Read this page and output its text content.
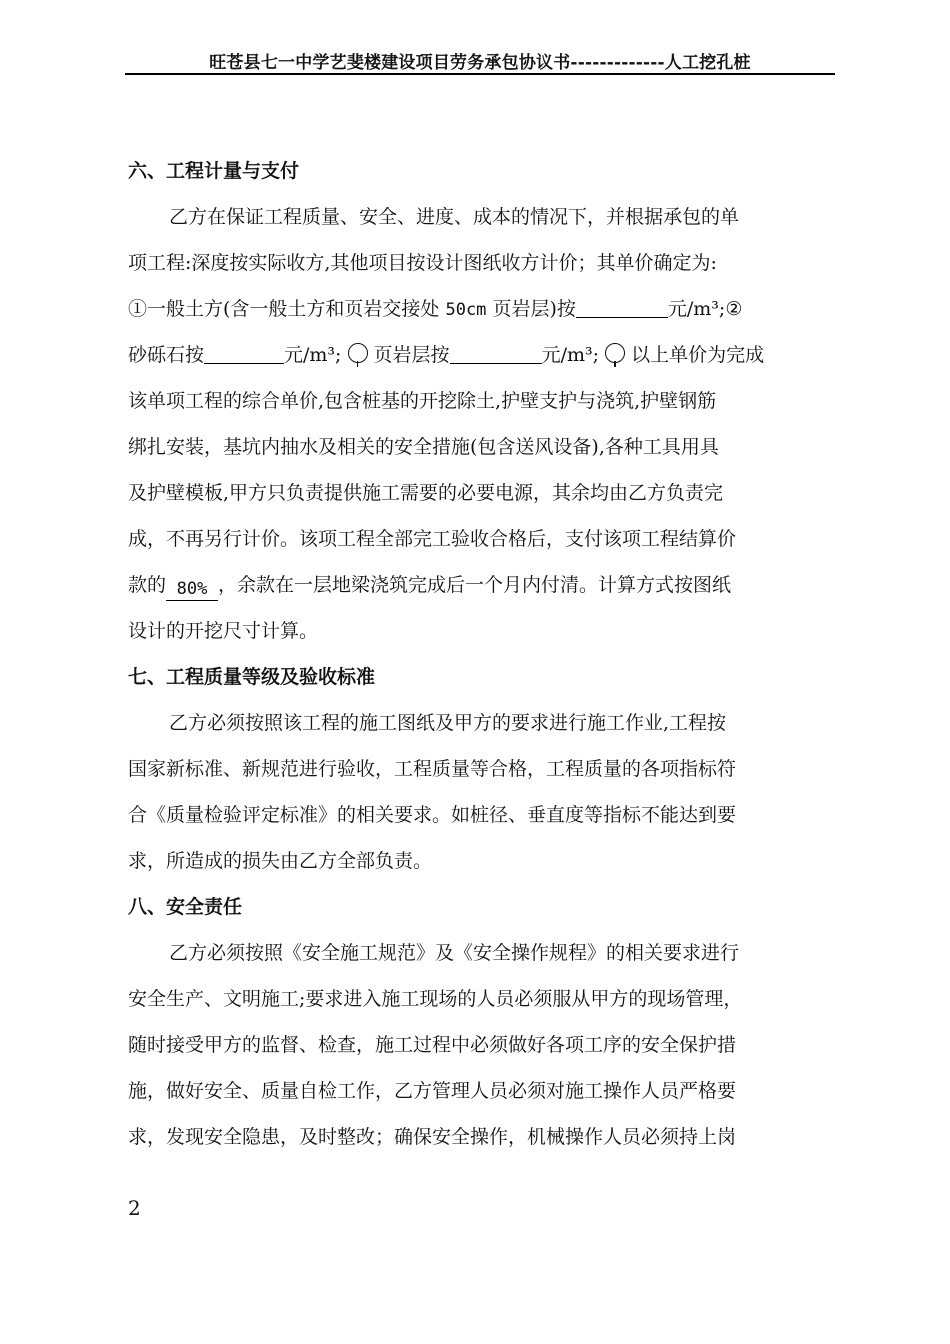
旺苍县七一中学艺斐楼建设项目劳务承包协议书-------------人工挖孔桩
六、工程计量与支付

乙方在保证工程质量、安全、进度、成本的情况下，并根据承包的单

项工程:深度按实际收方,其他项目按设计图纸收方计价；其单价确定为:

①一般土方(含一般土方和页岩交接处 50cm 页岩层)按	元/m³;②

砂砾石按	元/m³; 页岩层按	元/m³; 以上单价为完成

该单项工程的综合单价,包含桩基的开挖除土,护壁支护与浇筑,护壁钢筋

绑扎安装，基坑内抽水及相关的安全措施(包含送风设备),各种工具用具

及护壁模板,甲方只负责提供施工需要的必要电源，其余均由乙方负责完

成，不再另行计价。该项工程全部完工验收合格后，支付该项工程结算价

款的 80% ，余款在一层地梁浇筑完成后一个月内付清。计算方式按图纸

设计的开挖尺寸计算。

七、工程质量等级及验收标准

乙方必须按照该工程的施工图纸及甲方的要求进行施工作业,工程按

国家新标准、新规范进行验收，工程质量等合格，工程质量的各项指标符

合《质量检验评定标准》的相关要求。如桩径、垂直度等指标不能达到要

求，所造成的损失由乙方全部负责。

八、安全责任

乙方必须按照《安全施工规范》及《安全操作规程》的相关要求进行

安全生产、文明施工;要求进入施工现场的人员必须服从甲方的现场管理，

随时接受甲方的监督、检查，施工过程中必须做好各项工序的安全保护措

施，做好安全、质量自检工作，乙方管理人员必须对施工操作人员严格要

求，发现安全隐患，及时整改；确保安全操作，机械操作人员必须持上岗

2
